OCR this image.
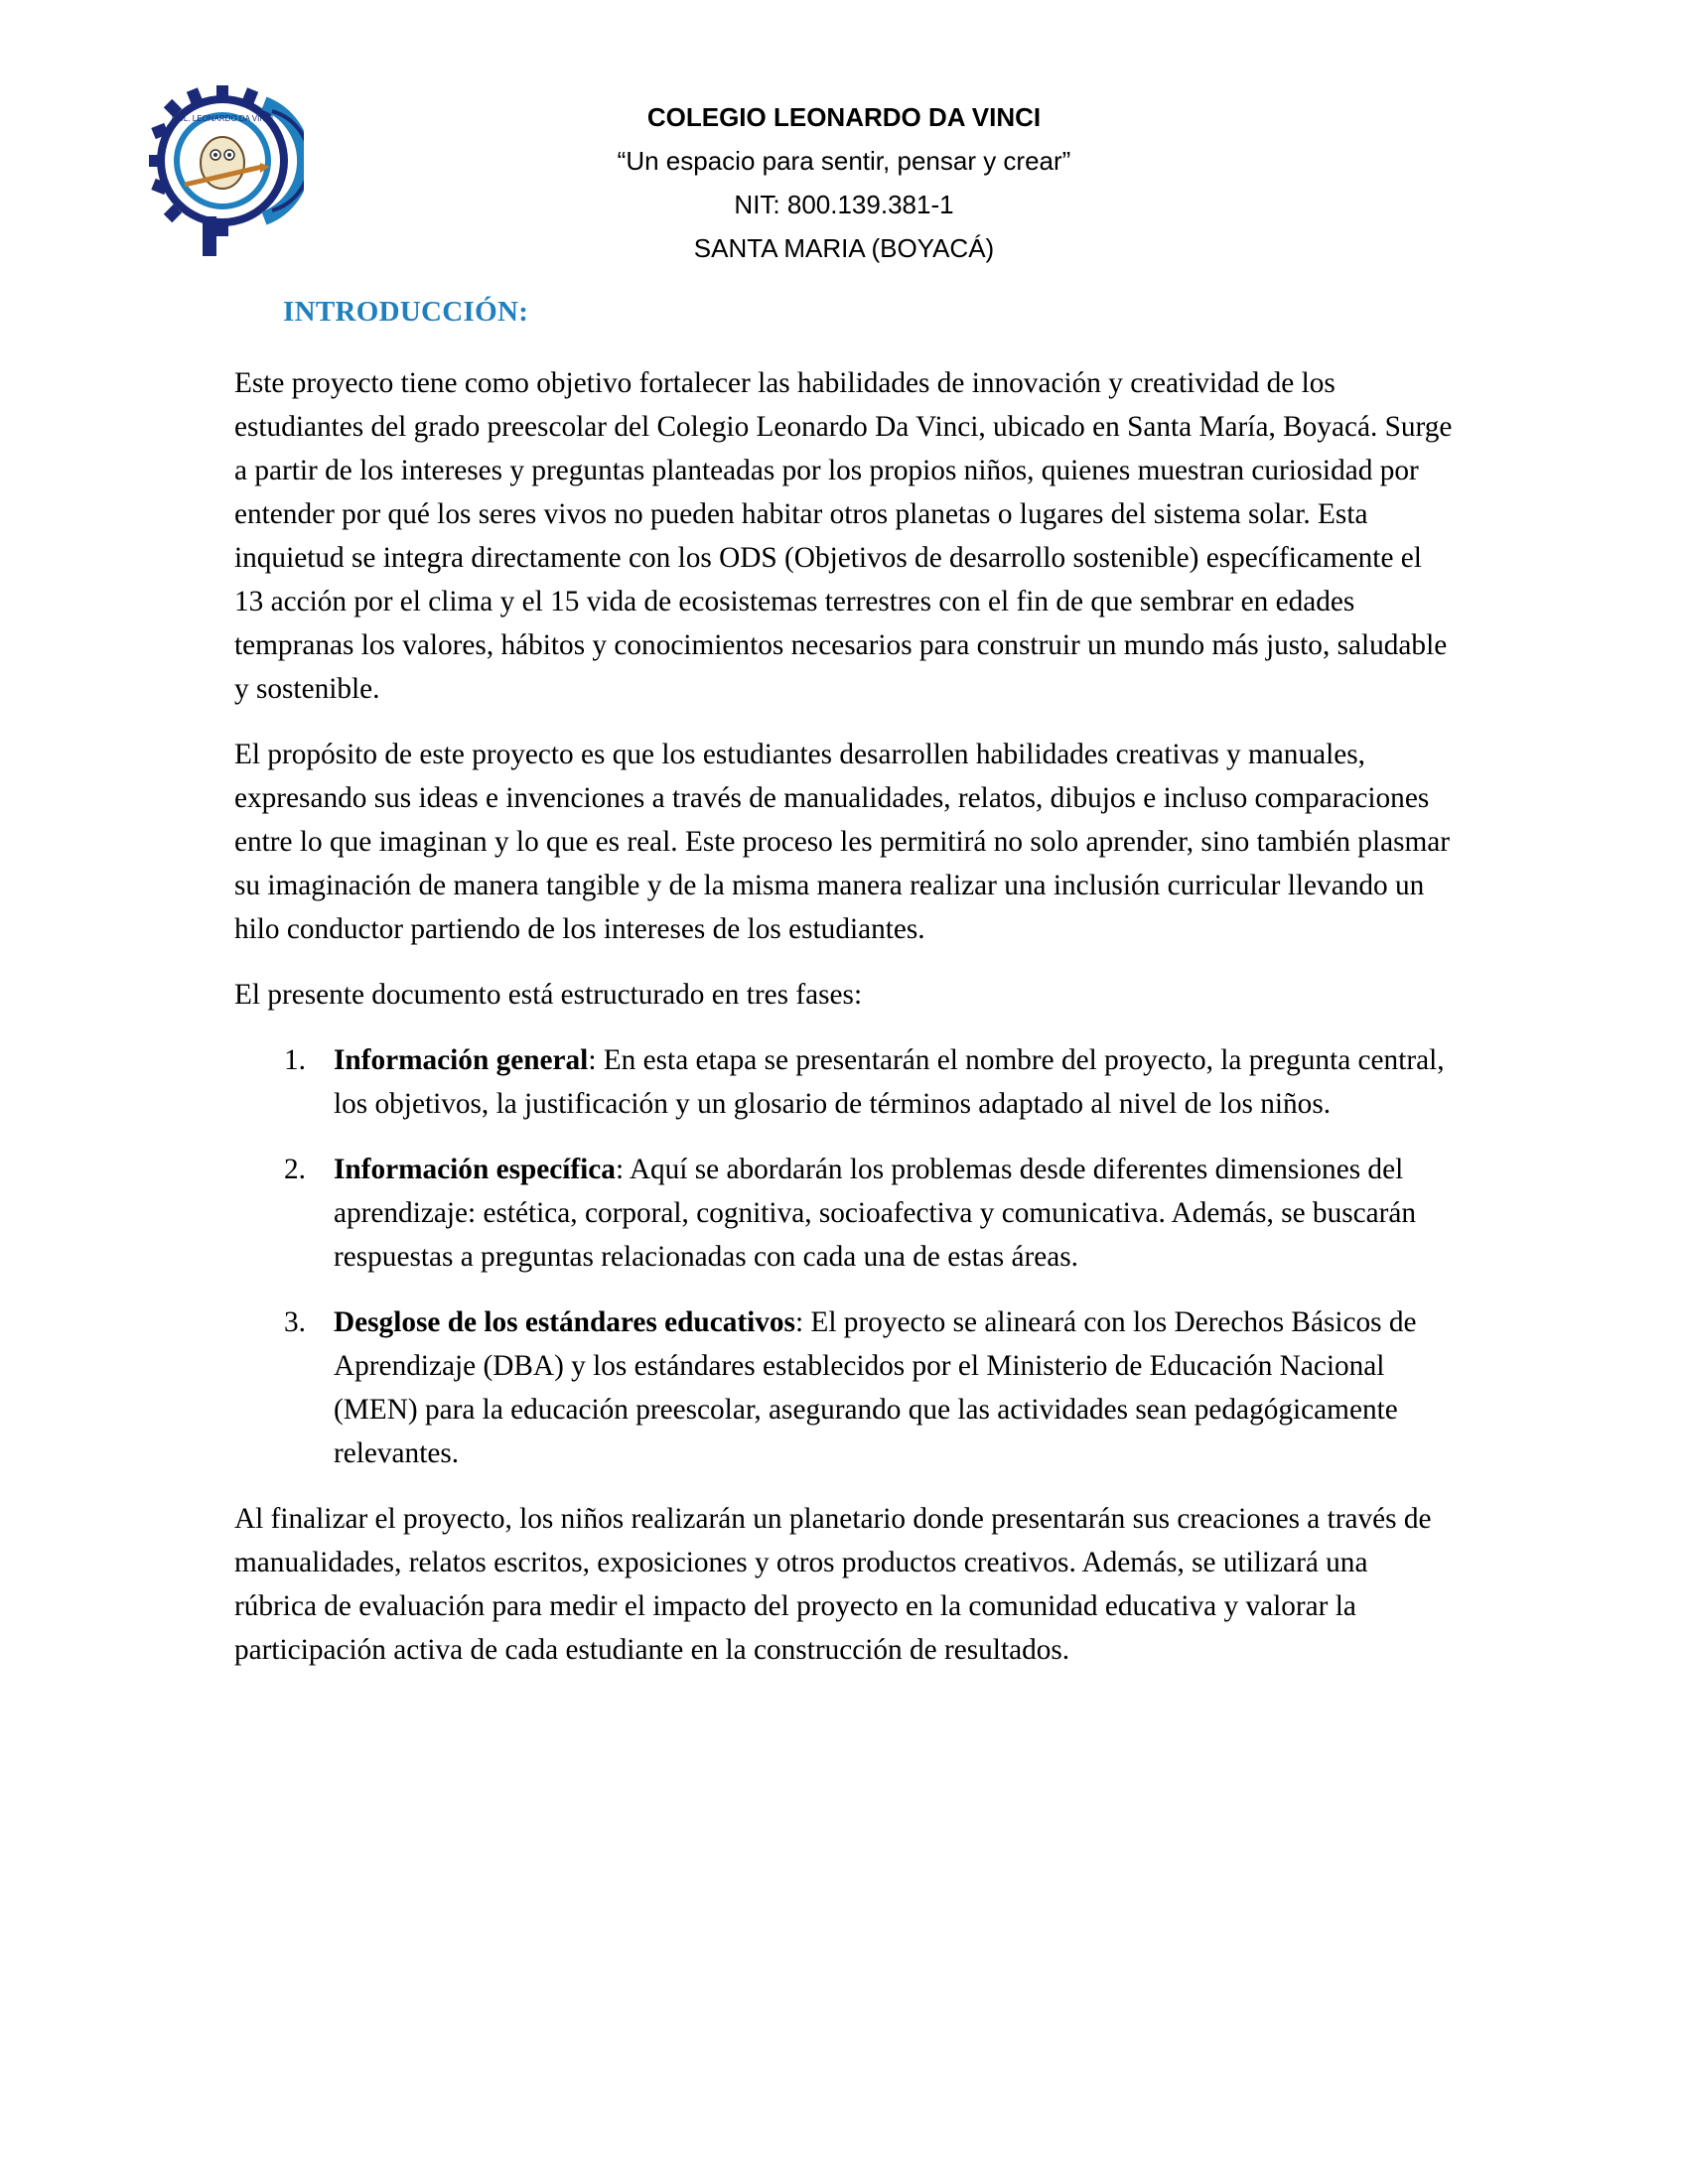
COL. LEONARDO DA VINCI	COLEGIO LEONARDO DA VINCI
“Un espacio para sentir, pensar y crear”
NIT: 800.139.381-1
SANTA MARIA (BOYACÁ)
INTRODUCCIÓN:

Este proyecto tiene como objetivo fortalecer las habilidades de innovación y creatividad de los estudiantes del grado preescolar del Colegio Leonardo Da Vinci, ubicado en Santa María, Boyacá. Surge a partir de los intereses y preguntas planteadas por los propios niños, quienes muestran curiosidad por entender por qué los seres vivos no pueden habitar otros planetas o lugares del sistema solar. Esta inquietud se integra directamente con los ODS (Objetivos de desarrollo sostenible) específicamente el 13 acción por el clima y el 15 vida de ecosistemas terrestres con el fin de que sembrar en edades tempranas los valores, hábitos y conocimientos necesarios para construir un mundo más justo, saludable y sostenible.

El propósito de este proyecto es que los estudiantes desarrollen habilidades creativas y manuales, expresando sus ideas e invenciones a través de manualidades, relatos, dibujos e incluso comparaciones entre lo que imaginan y lo que es real. Este proceso les permitirá no solo aprender, sino también plasmar su imaginación de manera tangible y de la misma manera realizar una inclusión curricular llevando un hilo conductor partiendo de los intereses de los estudiantes.

El presente documento está estructurado en tres fases:

1. Información general: En esta etapa se presentarán el nombre del proyecto, la pregunta central, los objetivos, la justificación y un glosario de términos adaptado al nivel de los niños.
2. Información específica: Aquí se abordarán los problemas desde diferentes dimensiones del aprendizaje: estética, corporal, cognitiva, socioafectiva y comunicativa. Además, se buscarán respuestas a preguntas relacionadas con cada una de estas áreas.
3. Desglose de los estándares educativos: El proyecto se alineará con los Derechos Básicos de Aprendizaje (DBA) y los estándares establecidos por el Ministerio de Educación Nacional (MEN) para la educación preescolar, asegurando que las actividades sean pedagógicamente relevantes.

Al finalizar el proyecto, los niños realizarán un planetario donde presentarán sus creaciones a través de manualidades, relatos escritos, exposiciones y otros productos creativos. Además, se utilizará una rúbrica de evaluación para medir el impacto del proyecto en la comunidad educativa y valorar la participación activa de cada estudiante en la construcción de resultados.
